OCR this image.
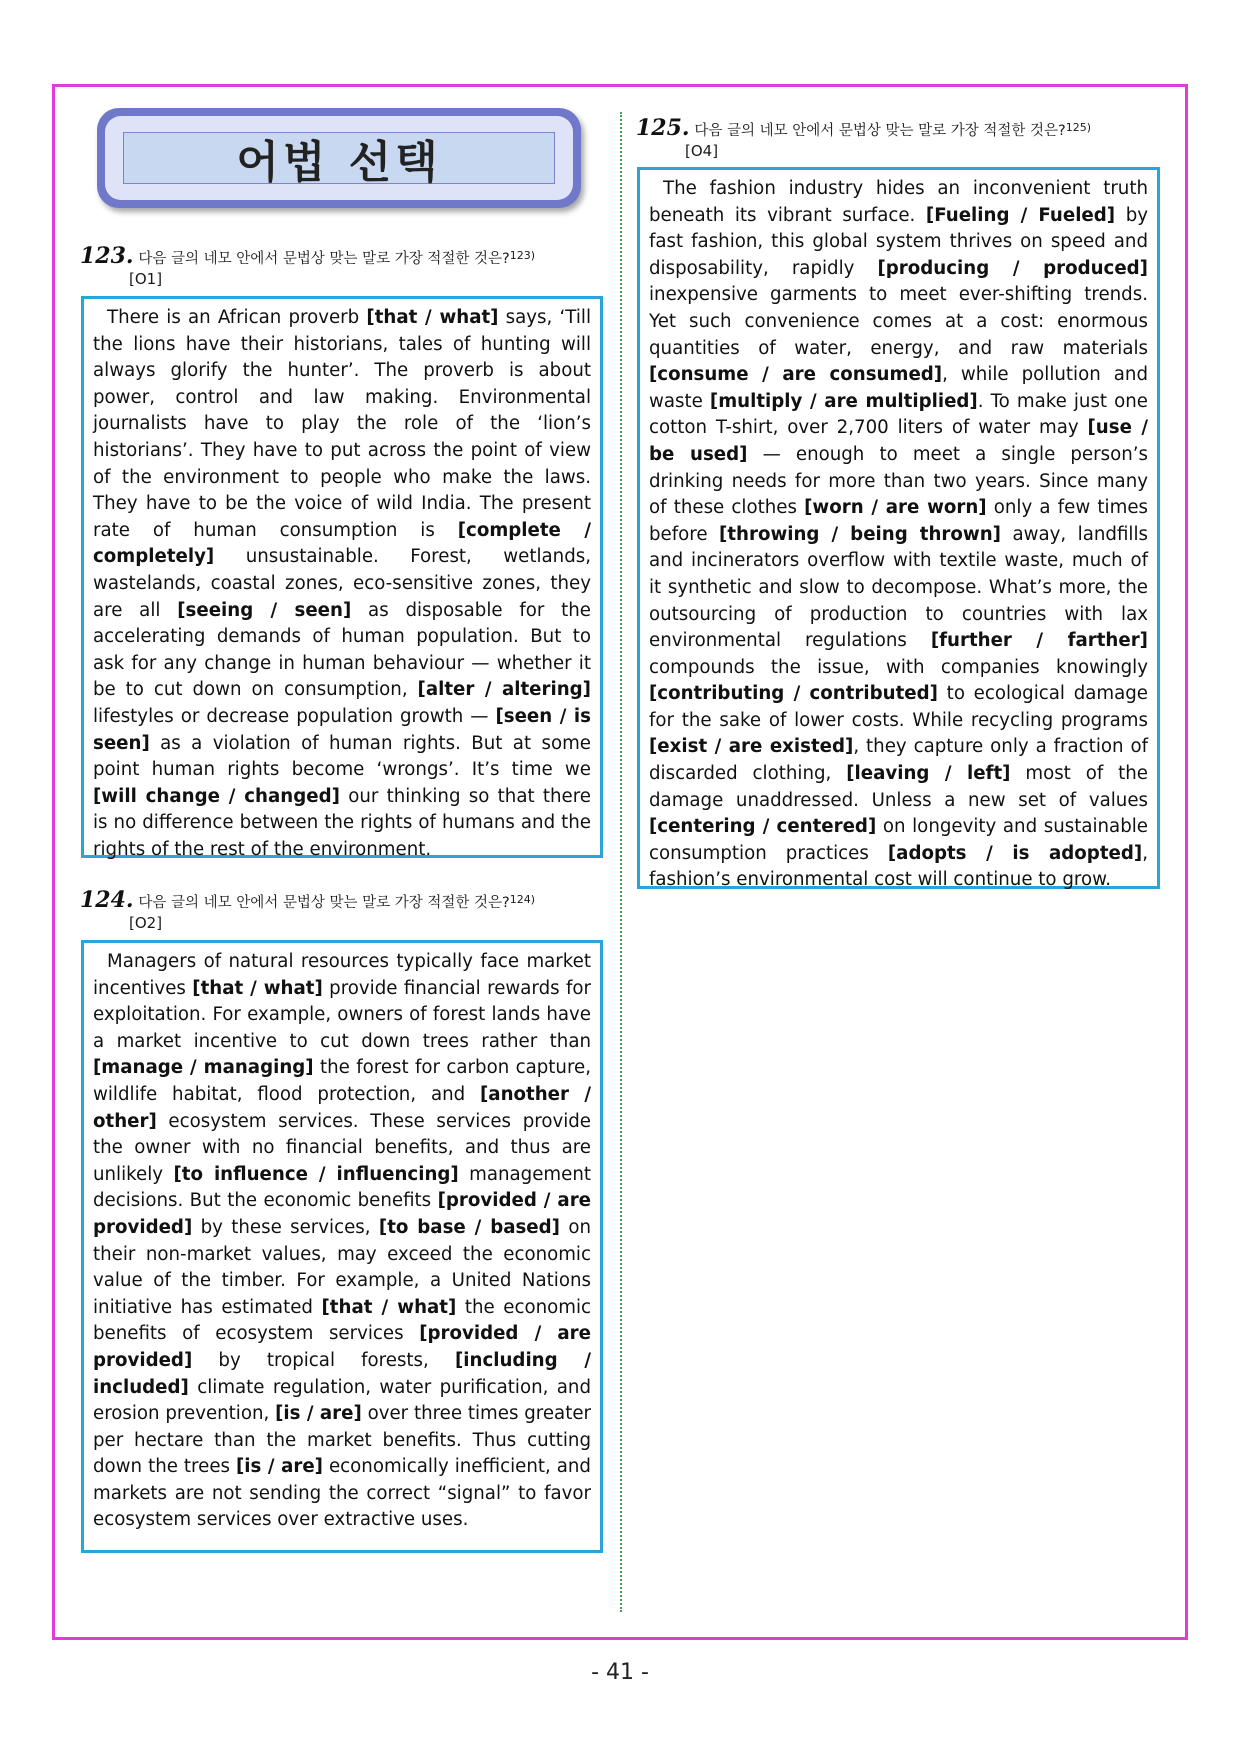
어법 선택
123. 다음 글의 네모 안에서 문법상 맞는 말로 가장 적절한 것은?$^{123)}$
[O1]
There is an African proverb [that / what] says, ‘Till the lions have their historians, tales of hunting will always glorify the hunter’. The proverb is about power, control and law making. Environmental journalists have to play the role of the ‘lion’s historians’. They have to put across the point of view of the environment to people who make the laws. They have to be the voice of wild India. The present rate of human consumption is [complete / completely] unsustainable. Forest, wetlands, wastelands, coastal zones, eco-sensitive zones, they are all [seeing / seen] as disposable for the accelerating demands of human population. But to ask for any change in human behaviour — whether it be to cut down on consumption, [alter / altering] lifestyles or decrease population growth — [seen / is seen] as a violation of human rights. But at some point human rights become ‘wrongs’. It’s time we [will change / changed] our thinking so that there is no difference between the rights of humans and the rights of the rest of the environment.
124. 다음 글의 네모 안에서 문법상 맞는 말로 가장 적절한 것은?$^{124)}$
[O2]
Managers of natural resources typically face market incentives [that / what] provide financial rewards for exploitation. For example, owners of forest lands have a market incentive to cut down trees rather than [manage / managing] the forest for carbon capture, wildlife habitat, flood protection, and [another / other] ecosystem services. These services provide the owner with no financial benefits, and thus are unlikely [to influence / influencing] management decisions. But the economic benefits [provided / are provided] by these services, [to base / based] on their non-market values, may exceed the economic value of the timber. For example, a United Nations initiative has estimated [that / what] the economic benefits of ecosystem services [provided / are provided] by tropical forests, [including / included] climate regulation, water purification, and erosion prevention, [is / are] over three times greater per hectare than the market benefits. Thus cutting down the trees [is / are] economically inefficient, and markets are not sending the correct “signal” to favor ecosystem services over extractive uses.
125. 다음 글의 네모 안에서 문법상 맞는 말로 가장 적절한 것은?$^{125)}$
[O4]
The fashion industry hides an inconvenient truth beneath its vibrant surface. [Fueling / Fueled] by fast fashion, this global system thrives on speed and disposability, rapidly [producing / produced] inexpensive garments to meet ever-shifting trends. Yet such convenience comes at a cost: enormous quantities of water, energy, and raw materials [consume / are consumed], while pollution and waste [multiply / are multiplied]. To make just one cotton T-shirt, over 2,700 liters of water may [use / be used] — enough to meet a single person’s drinking needs for more than two years. Since many of these clothes [worn / are worn] only a few times before [throwing / being thrown] away, landfills and incinerators overflow with textile waste, much of it synthetic and slow to decompose. What’s more, the outsourcing of production to countries with lax environmental regulations [further / farther] compounds the issue, with companies knowingly [contributing / contributed] to ecological damage for the sake of lower costs. While recycling programs [exist / are existed], they capture only a fraction of discarded clothing, [leaving / left] most of the damage unaddressed. Unless a new set of values [centering / centered] on longevity and sustainable consumption practices [adopts / is adopted], fashion’s environmental cost will continue to grow.
- 41 -
